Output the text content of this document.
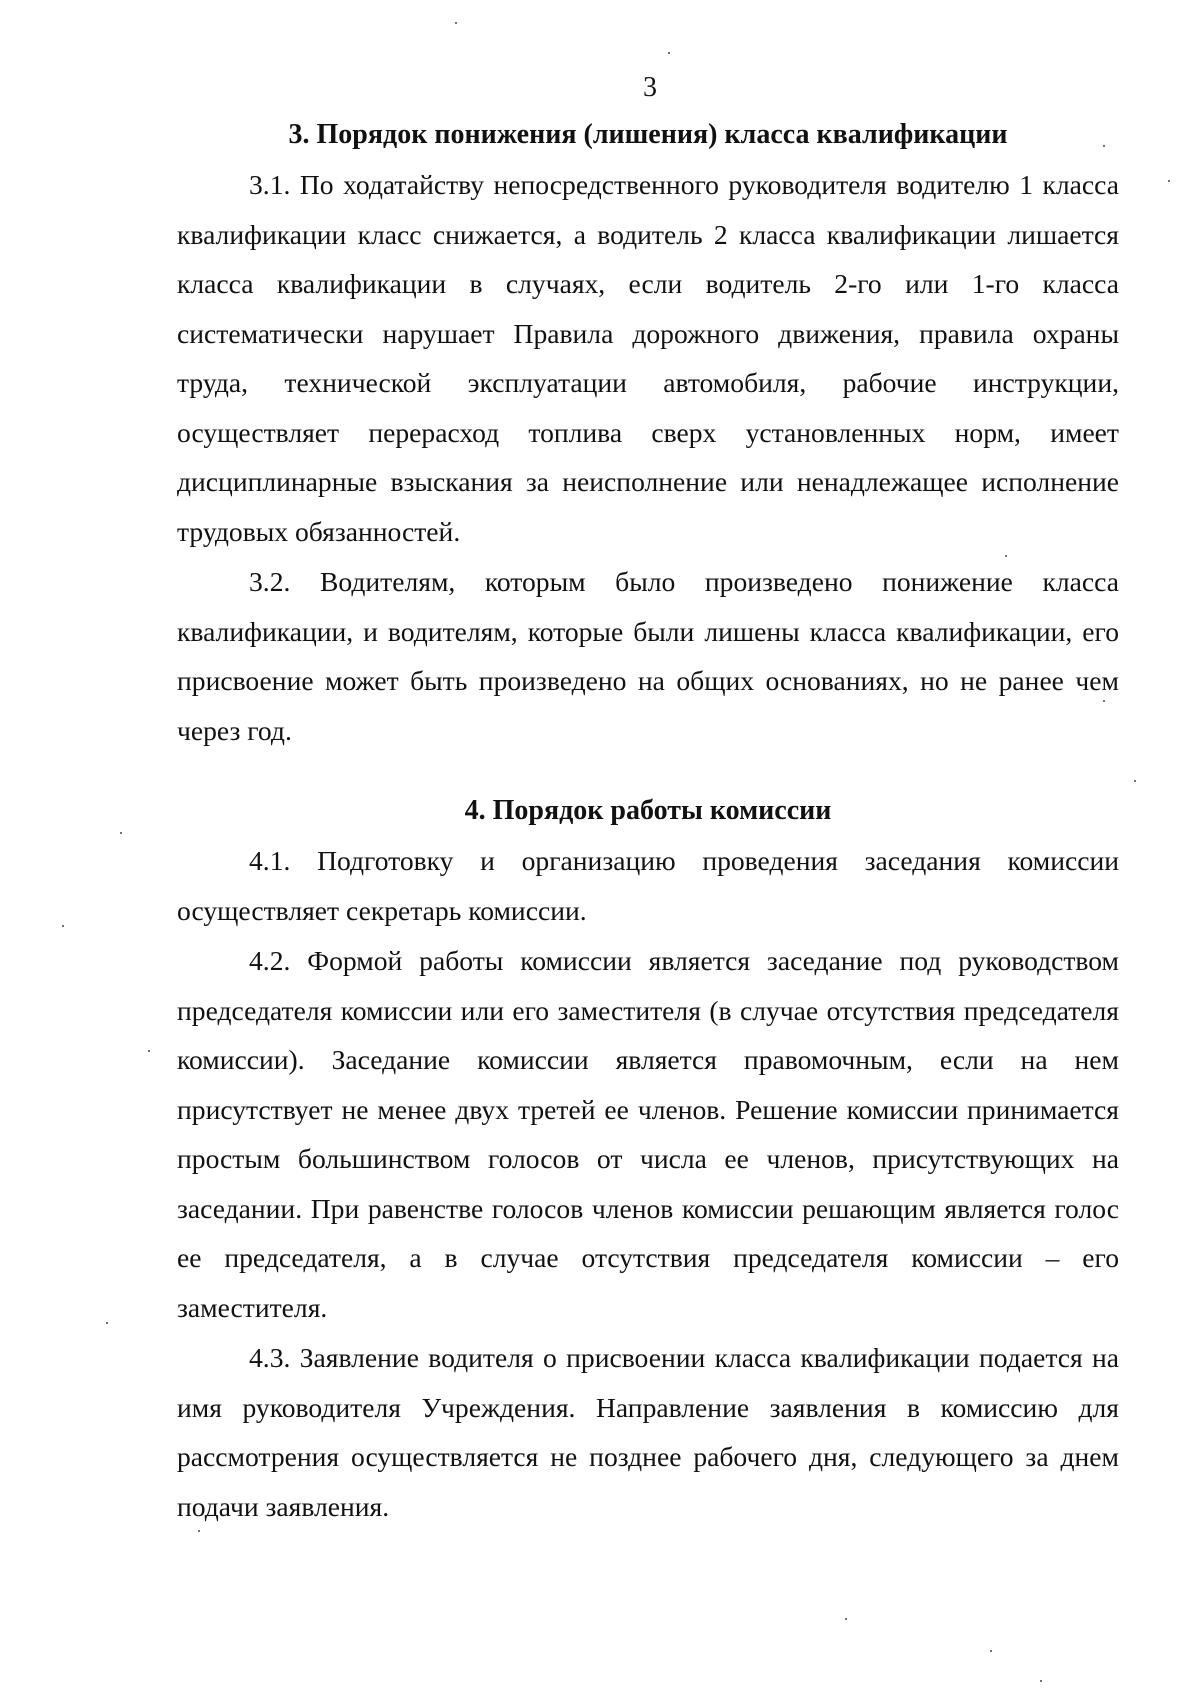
3
3. Порядок понижения (лишения) класса квалификации

3.1. По ходатайству непосредственного руководителя водителю 1 класса квалификации класс снижается, а водитель 2 класса квалификации лишается класса квалификации в случаях, если водитель 2-го или 1-го класса систематически нарушает Правила дорожного движения, правила охраны труда, технической эксплуатации автомобиля, рабочие инструкции, осуществляет перерасход топлива сверх установленных норм, имеет дисциплинарные взыскания за неисполнение или ненадлежащее исполнение трудовых обязанностей.

3.2. Водителям, которым было произведено понижение класса квалификации, и водителям, которые были лишены класса квалификации, его присвоение может быть произведено на общих основаниях, но не ранее чем через год.

4. Порядок работы комиссии

4.1. Подготовку и организацию проведения заседания комиссии осуществляет секретарь комиссии.

4.2. Формой работы комиссии является заседание под руководством председателя комиссии или его заместителя (в случае отсутствия председателя комиссии). Заседание комиссии является правомочным, если на нем присутствует не менее двух третей ее членов. Решение комиссии принимается простым большинством голосов от числа ее членов, присутствующих на заседании. При равенстве голосов членов комиссии решающим является голос ее председателя, а в случае отсутствия председателя комиссии – его заместителя.

4.3. Заявление водителя о присвоении класса квалификации подается на имя руководителя Учреждения. Направление заявления в комиссию для рассмотрения осуществляется не позднее рабочего дня, следующего за днем подачи заявления.
